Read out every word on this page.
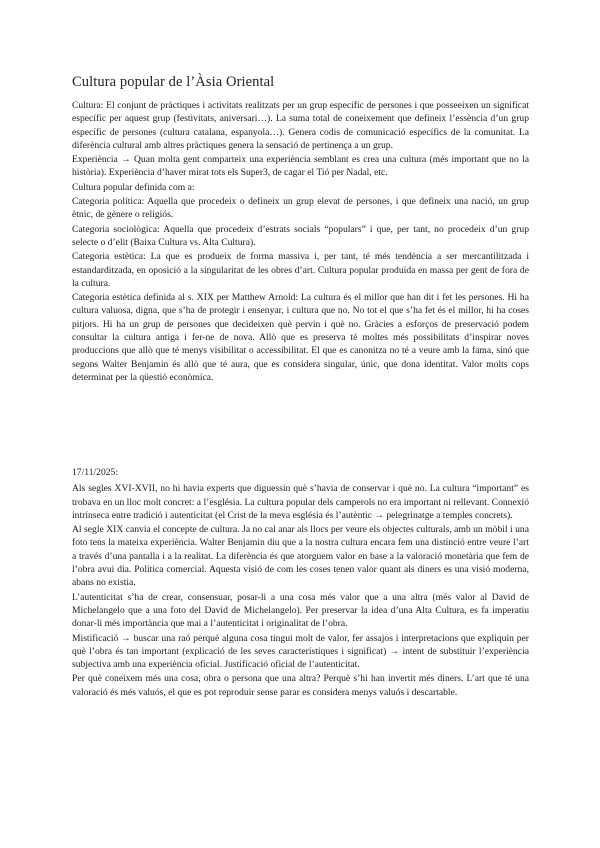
Cultura popular de l’Àsia Oriental

Cultura: El conjunt de pràctiques i activitats realitzats per un grup específic de persones i que posseeixen un significat específic per aquest grup (festivitats, aniversari…). La suma total de coneixement que defineix l’essència d’un grup específic de persones (cultura catalana, espanyola…). Genera codis de comunicació específics de la comunitat. La diferència cultural amb altres pràctiques genera la sensació de pertinença a un grup.

Experiència → Quan molta gent comparteix una experiència semblant es crea una cultura (més important que no la història). Experiència d’haver mirat tots els Super3, de cagar el Tió per Nadal, etc.

Cultura popular definida com a:

Categoria política: Aquella que procedeix o defineix un grup elevat de persones, i que defineix una nació, un grup ètnic, de gènere o religiós.

Categoria sociològica: Aquella que procedeix d’estrats socials “populars” i que, per tant, no procedeix d’un grup selecte o d’elit (Baixa Cultura vs. Alta Cultura).

Categoria estètica: La que es produeix de forma massiva i, per tant, té més tendència a ser mercantilitzada i estandarditzada, en oposició a la singularitat de les obres d’art. Cultura popular produïda en massa per gent de fora de la cultura.

Categoria estètica definida al s. XIX per Matthew Arnold: La cultura és el millor que han dit i fet les persones. Hi ha cultura valuosa, digna, que s’ha de protegir i ensenyar, i cultura que no. No tot el que s’ha fet és el millor, hi ha coses pitjors. Hi ha un grup de persones que decideixen què pervin i què no. Gràcies a esforços de preservació podem consultar la cultura antiga i fer-ne de nova. Allò que es preserva té moltes més possibilitats d’inspirar noves produccions que allò que té menys visibilitat o accessibilitat. El que es canonitza no té a veure amb la fama, sinó que segons Walter Benjamin és allò que té aura, que es considera singular, únic, que dona identitat. Valor molts cops determinat per la qüestió econòmica.

17/11/2025:

Als segles XVI-XVII, no hi havia experts que diguessin què s’havia de conservar i què no. La cultura “important” es trobava en un lloc molt concret: a l’església. La cultura popular dels camperols no era important ni rellevant. Connexió intrínseca entre tradició i autenticitat (el Crist de la meva església és l’autèntic → pelegrinatge a temples concrets).

Al segle XIX canvia el concepte de cultura. Ja no cal anar als llocs per veure els objectes culturals, amb un mòbil i una foto tens la mateixa experiència. Walter Benjamin diu que a la nostra cultura encara fem una distinció entre veure l’art a través d’una pantalla i a la realitat. La diferència és que atorguem valor en base a la valoració monetària que fem de l’obra avui dia. Política comercial. Aquesta visió de com les coses tenen valor quant als diners es una visió moderna, abans no existia.

L’autenticitat s’ha de crear, consensuar, posar-li a una cosa més valor que a una altra (més valor al David de Michelangelo que a una foto del David de Michelangelo). Per preservar la idea d’una Alta Cultura, es fa imperatiu donar-li més importància que mai a l’autenticitat i originalitat de l’obra.

Mistificació → buscar una raó perquè alguna cosa tingui molt de valor, fer assajos i interpretacions que expliquin per què l’obra és tan important (explicació de les seves característiques i significat) → intent de substituir l’experiència subjectiva amb una experiència oficial. Justificació oficial de l’autenticitat.

Per què coneixem més una cosa, obra o persona que una altra? Perquè s’hi han invertit més diners. L’art que té una valoració és més valuós, el que es pot reproduir sense parar es considera menys valuós i descartable.
